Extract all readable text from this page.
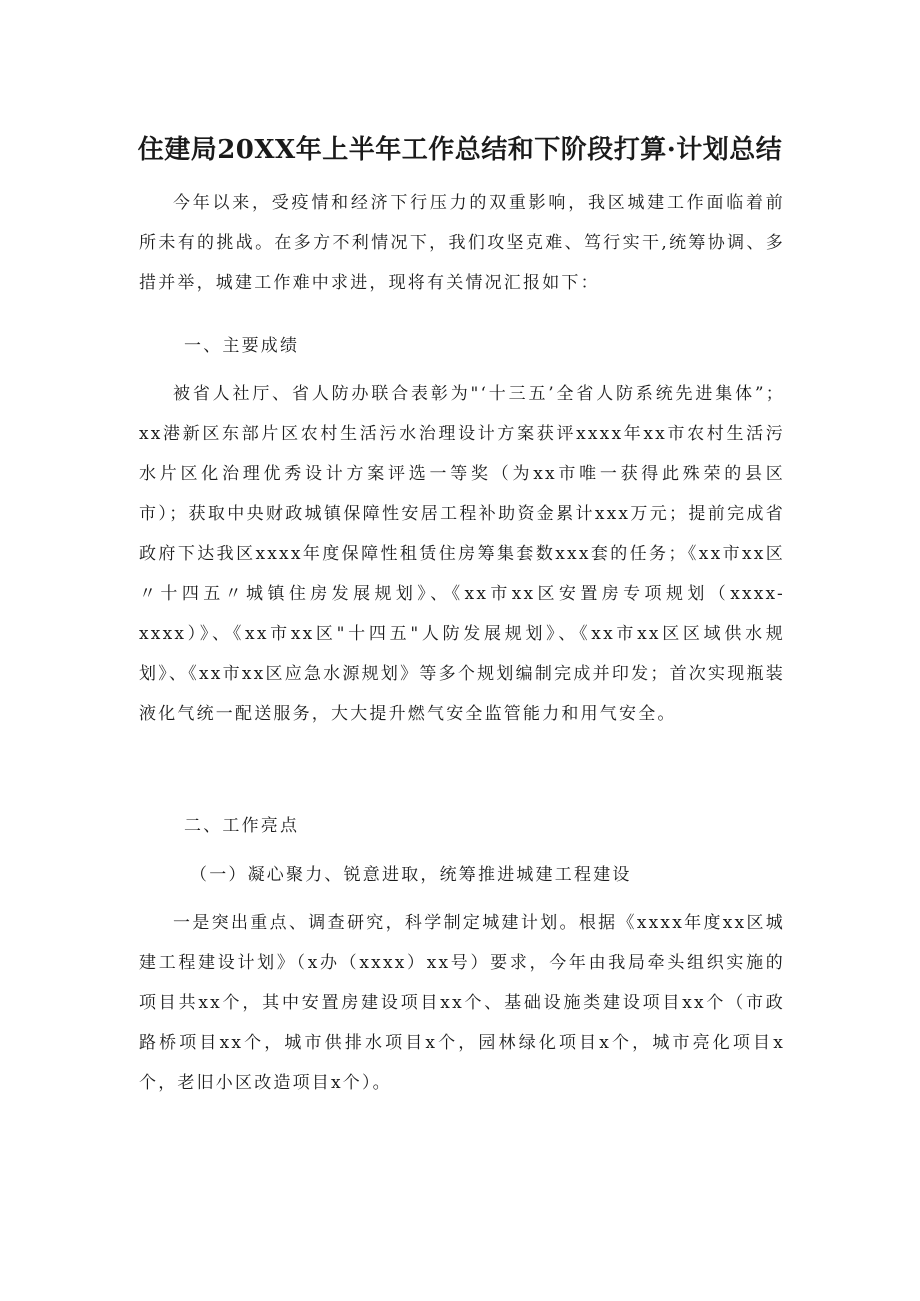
住建局20XX年上半年工作总结和下阶段打算·计划总结

今年以来，受疫情和经济下行压力的双重影响，我区城建工作面临着前所未有的挑战。在多方不利情况下，我们攻坚克难、笃行实干,统筹协调、多措并举，城建工作难中求进，现将有关情况汇报如下：

一、主要成绩

被省人社厅、省人防办联合表彰为"‘十三五’全省人防系统先进集体”；xx港新区东部片区农村生活污水治理设计方案获评xxxx年xx市农村生活污水片区化治理优秀设计方案评选一等奖（为xx市唯一获得此殊荣的县区市）；获取中央财政城镇保障性安居工程补助资金累计xxx万元；提前完成省政府下达我区xxxx年度保障性租赁住房筹集套数xxx套的任务；《xx市xx区〃十四五〃城镇住房发展规划》、《xx市xx区安置房专项规划（xxxx-xxxx）》、《xx市xx区"十四五"人防发展规划》、《xx市xx区区域供水规划》、《xx市xx区应急水源规划》等多个规划编制完成并印发；首次实现瓶装液化气统一配送服务，大大提升燃气安全监管能力和用气安全。

二、工作亮点

（一）凝心聚力、锐意进取，统筹推进城建工程建设

一是突出重点、调查研究，科学制定城建计划。根据《xxxx年度xx区城建工程建设计划》（x办（xxxx）xx号）要求，今年由我局牵头组织实施的项目共xx个，其中安置房建设项目xx个、基础设施类建设项目xx个（市政路桥项目xx个，城市供排水项目x个，园林绿化项目x个，城市亮化项目x个，老旧小区改造项目x个）。
